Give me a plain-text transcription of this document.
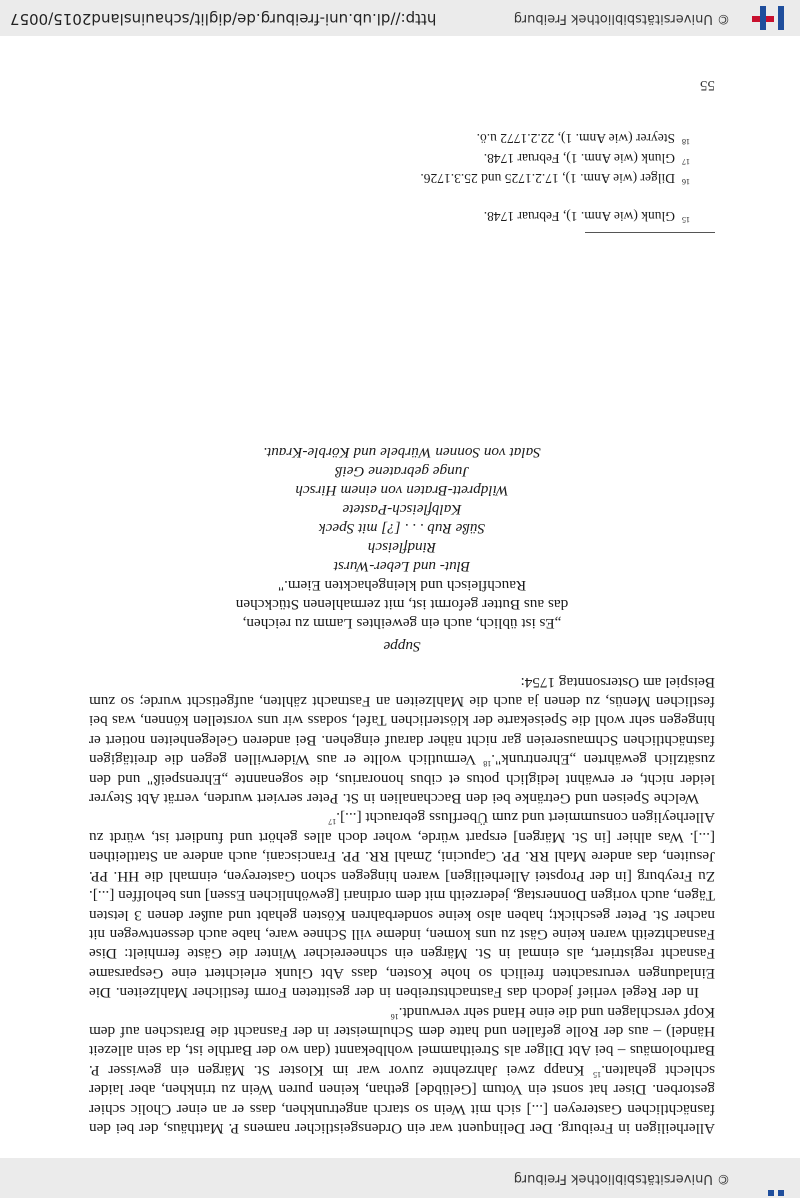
© Universitätsbibliothek Freiburg

Allerheiligen in Freiburg. Der Delinquent war ein Ordensgeistlicher namens P. Matthäus, der bei den fasnächtlichen Gastereyen [...] sich mit Wein so starch angetrunkhen, dass er an einer Cholic schier gestorben. Diser hat sonst ein Votum [Gelübde] gethan, keinen puren Wein zu trinkhen, aber laider schlecht gehalten.$^{15}$ Knapp zwei Jahrzehnte zuvor war im Kloster St. Märgen ein gewisser P. Bartholomäus – bei Abt Dilger als Streithammel wohlbekannt (dan wo der Barthle ist, da sein allezeit Händel) – aus der Rolle gefallen und hatte dem Schulmeister in der Fasnacht die Bratschen auf dem Kopf verschlagen und die eine Hand sehr verwundt.$^{16}$

In der Regel verlief jedoch das Fastnachtstreiben in der gesitteten Form festlicher Mahlzeiten. Die Einladungen verursachten freilich so hohe Kosten, dass Abt Glunk erleichtert eine Gesparsame Fasnacht registriert, als einmal in St. Märgen ein schneereicher Winter die Gäste fernhielt: Dise Fasnachtzeith waren keine Gäst zu uns komen, indeme vill Schnee ware, habe auch dessentwegen nit nacher St. Peter geschickt; haben also keine sonderbahren Kösten gehabt und außer denen 3 letsten Tägen, auch vorigen Donnerstag, jederzeith mit dem ordinari [gewöhnlichen Essen] uns beholffen [...]. Zu Freyburg [in der Propstei Allerheiligen] waren hingegen schon Gastereyen, einmahl die HH. PP. Jesuiten, das andere Mahl RR. PP. Capucini, 2mahl RR. PP. Franciscani, auch andere an Stattleithen [...]. Was alhier [in St. Märgen] erspart würde, woher doch alles gehört und fundiert ist, würdt zu Allerheyligen consummiert und zum Überfluss gebraucht [...].$^{17}$

Welche Speisen und Getränke bei den Bacchanalien in St. Peter serviert wurden, verrät Abt Steyrer leider nicht, er erwähnt lediglich potus et cibus honorarius, die sogenannte „Ehrenspeiß" und den zusätzlich gewährten „Ehrentrunk".$^{18}$ Vermutlich wollte er aus Widerwillen gegen die dreitägigen fastnächtlichen Schmausereien gar nicht näher darauf eingehen. Bei anderen Gelegenheiten notiert er hingegen sehr wohl die Speisekarte der klösterlichen Tafel, sodass wir uns vorstellen können, was bei festlichen Menüs, zu denen ja auch die Mahlzeiten an Fastnacht zählten, aufgetischt wurde; so zum Beispiel am Ostersonntag 1754:

Suppe
„Es ist üblich, auch ein geweihtes Lamm zu reichen,
das aus Butter geformt ist, mit zermahlenen Stückchen
Rauchfleisch und kleingehackten Eiern."
Blut- und Leber-Wurst
Rindfleisch
Süße Rub . . . [?] mit Speck
Kalbfleisch-Pastete
Wildprett-Braten von einem Hirsch
Junge gebratene Geiß
Salat von Sonnen Würbele und Körble-Kraut.
15
Glunk (wie Anm. 1), Februar 1748.
16
Dilger (wie Anm. 1), 17.2.1725 und 25.3.1726.
17
Glunk (wie Anm. 1), Februar 1748.
18
Steyrer (wie Anm. 1), 22.2.1772 u.ö.
55
© Universitätsbibliothek Freiburg
http://dl.ub.uni-freiburg.de/diglit/schauinsland2015/0057
